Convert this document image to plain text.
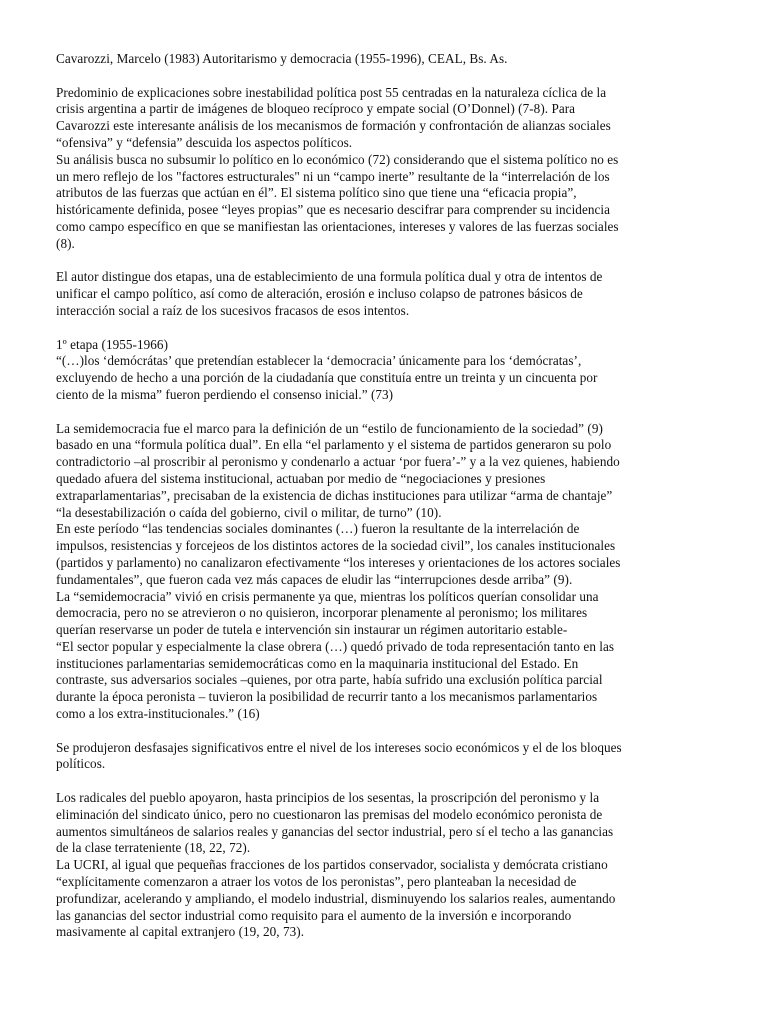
Cavarozzi, Marcelo (1983) Autoritarismo y democracia (1955-1996), CEAL, Bs. As.
Predominio de explicaciones sobre inestabilidad política post 55 centradas en la naturaleza cíclica de la
crisis argentina a partir de imágenes de bloqueo recíproco y empate social (O’Donnel) (7-8). Para
Cavarozzi este interesante análisis de los mecanismos de formación y confrontación de alianzas sociales
“ofensiva” y “defensia” descuida los aspectos políticos.
Su análisis busca no subsumir lo político en lo económico (72) considerando que el sistema político no es
un mero reflejo de los "factores estructurales" ni un “campo inerte” resultante de la “interrelación de los
atributos de las fuerzas que actúan en él”. El sistema político sino que tiene una “eficacia propia”,
históricamente definida, posee “leyes propias” que es necesario descifrar para comprender su incidencia
como campo específico en que se manifiestan las orientaciones, intereses y valores de las fuerzas sociales
(8).
El autor distingue dos etapas, una de establecimiento de una formula política dual y otra de intentos de
unificar el campo político, así como de alteración, erosión e incluso colapso de patrones básicos de
interacción social a raíz de los sucesivos fracasos de esos intentos.
1º etapa (1955-1966)
“(…)los ‘demócrátas’ que pretendían establecer la ‘democracia’ únicamente para los ‘demócratas’,
excluyendo de hecho a una porción de la ciudadanía que constituía entre un treinta y un cincuenta por
ciento de la misma” fueron perdiendo el consenso inicial.” (73)
La semidemocracia fue el marco para la definición de un “estilo de funcionamiento de la sociedad” (9)
basado en una “formula política dual”. En ella “el parlamento y el sistema de partidos generaron su polo
contradictorio –al proscribir al peronismo y condenarlo a actuar ‘por fuera’-” y a la vez quienes, habiendo
quedado afuera del sistema institucional, actuaban por medio de “negociaciones y presiones
extraparlamentarias”, precisaban de la existencia de dichas instituciones para utilizar “arma de chantaje”
“la desestabilización o caída del gobierno, civil o militar, de turno” (10).
En este período “las tendencias sociales dominantes (…) fueron la resultante de la interrelación de
impulsos, resistencias y forcejeos de los distintos actores de la sociedad civil”, los canales institucionales
(partidos y parlamento) no canalizaron efectivamente “los intereses y orientaciones de los actores sociales
fundamentales”, que fueron cada vez más capaces de eludir las “interrupciones desde arriba” (9).
La “semidemocracia” vivió en crisis permanente ya que, mientras los políticos querían consolidar una
democracia, pero no se atrevieron o no quisieron, incorporar plenamente al peronismo; los militares
querían reservarse un poder de tutela e intervención sin instaurar un régimen autoritario estable-
“El sector popular y especialmente la clase obrera (…) quedó privado de toda representación tanto en las
instituciones parlamentarias semidemocráticas como en la maquinaria institucional del Estado. En
contraste, sus adversarios sociales –quienes, por otra parte, había sufrido una exclusión política parcial
durante la época peronista – tuvieron la posibilidad de recurrir tanto a los mecanismos parlamentarios
como a los extra-institucionales.” (16)
Se produjeron desfasajes significativos entre el nivel de los intereses socio económicos y el de los bloques
políticos.
Los radicales del pueblo apoyaron, hasta principios de los sesentas, la proscripción del peronismo y la
eliminación del sindicato único, pero no cuestionaron las premisas del modelo económico peronista de
aumentos simultáneos de salarios reales y ganancias del sector industrial, pero sí el techo a las ganancias
de la clase terrateniente (18, 22, 72).
La UCRI, al igual que pequeñas fracciones de los partidos conservador, socialista y demócrata cristiano
“explícitamente comenzaron a atraer los votos de los peronistas”, pero planteaban la necesidad de
profundizar, acelerando y ampliando, el modelo industrial, disminuyendo los salarios reales, aumentando
las ganancias del sector industrial como requisito para el aumento de la inversión e incorporando
masivamente al capital extranjero (19, 20, 73).
